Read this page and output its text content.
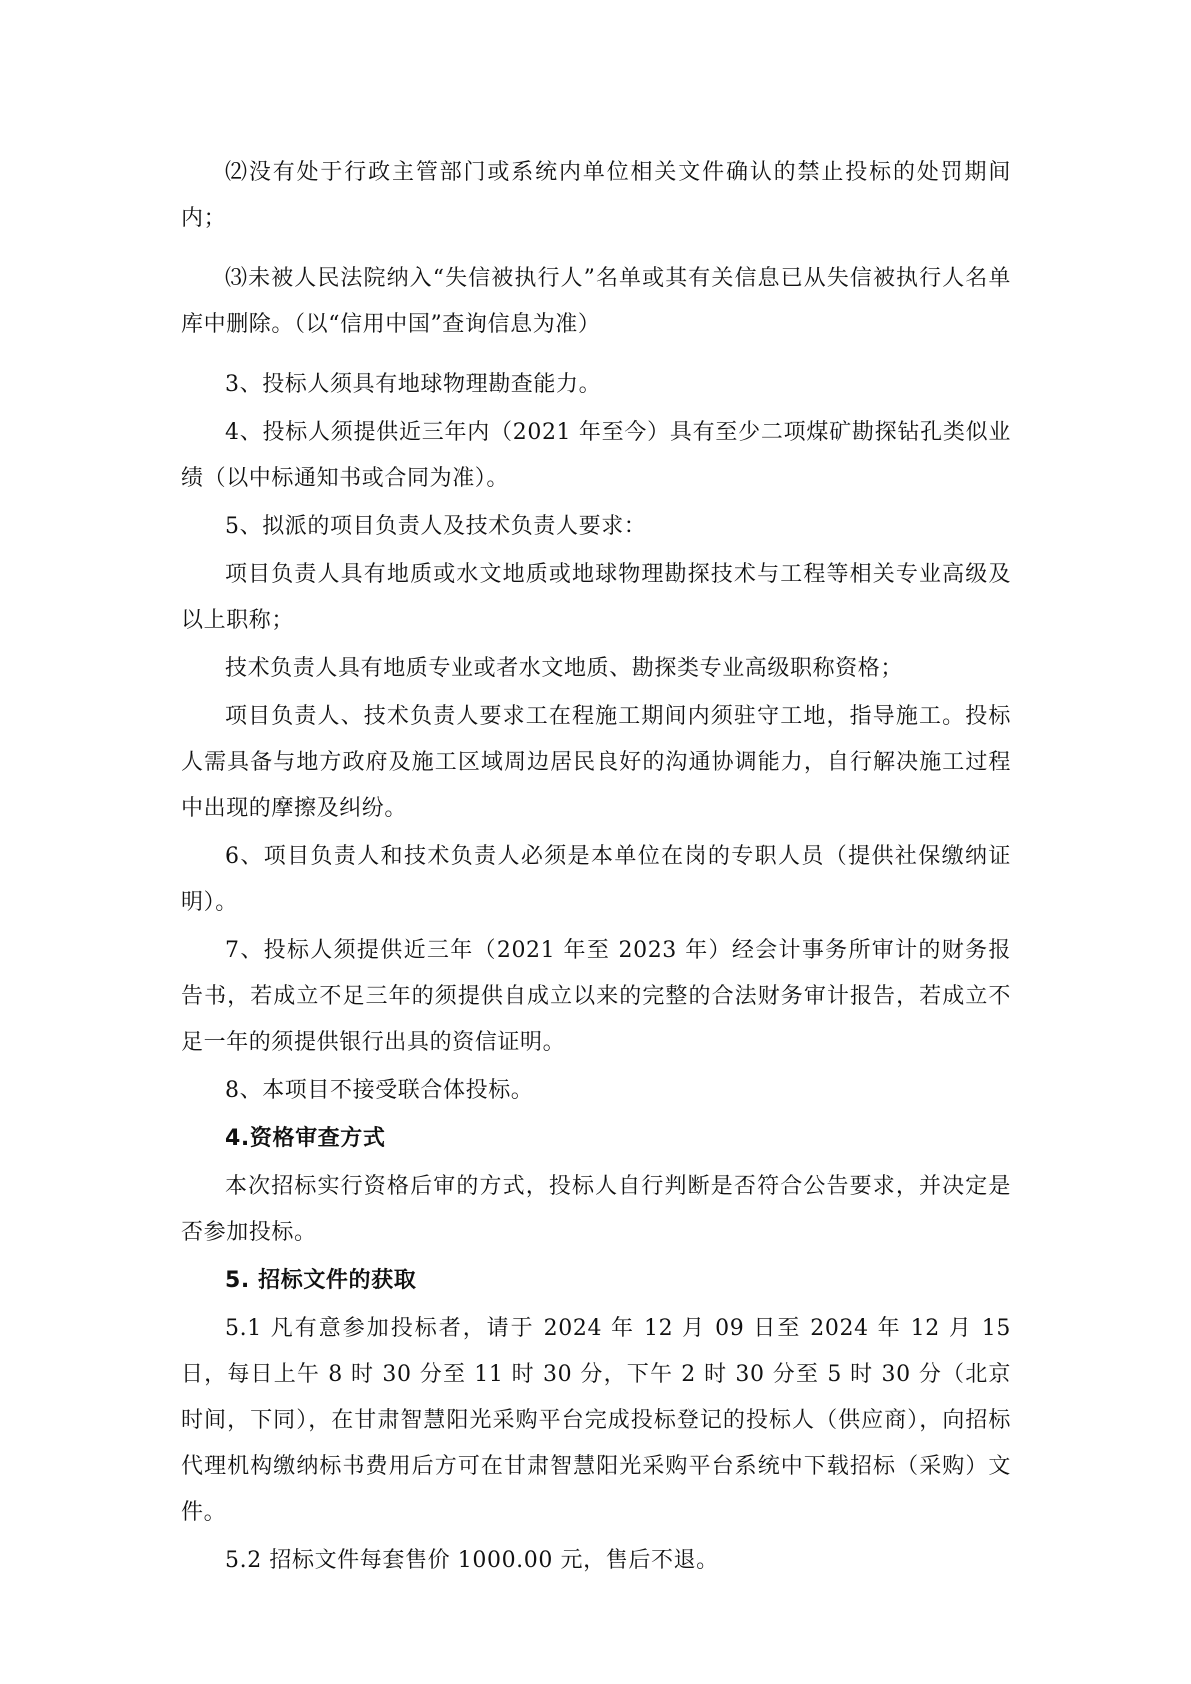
⑵没有处于行政主管部门或系统内单位相关文件确认的禁止投标的处罚期间内；

⑶未被人民法院纳入“失信被执行人”名单或其有关信息已从失信被执行人名单库中删除。（以“信用中国”查询信息为准）

3、投标人须具有地球物理勘查能力。

4、投标人须提供近三年内（2021 年至今）具有至少二项煤矿勘探钻孔类似业绩（以中标通知书或合同为准）。

5、拟派的项目负责人及技术负责人要求：

项目负责人具有地质或水文地质或地球物理勘探技术与工程等相关专业高级及以上职称；

技术负责人具有地质专业或者水文地质、勘探类专业高级职称资格；

项目负责人、技术负责人要求工在程施工期间内须驻守工地，指导施工。投标人需具备与地方政府及施工区域周边居民良好的沟通协调能力，自行解决施工过程中出现的摩擦及纠纷。

6、项目负责人和技术负责人必须是本单位在岗的专职人员（提供社保缴纳证明）。

7、投标人须提供近三年（2021 年至 2023 年）经会计事务所审计的财务报告书，若成立不足三年的须提供自成立以来的完整的合法财务审计报告，若成立不足一年的须提供银行出具的资信证明。

8、本项目不接受联合体投标。

4.资格审查方式

本次招标实行资格后审的方式，投标人自行判断是否符合公告要求，并决定是否参加投标。

5. 招标文件的获取

5.1 凡有意参加投标者，请于 2024 年 12 月 09 日至 2024 年 12 月 15 日，每日上午 8 时 30 分至 11 时 30 分，下午 2 时 30 分至 5 时 30 分（北京时间，下同），在甘肃智慧阳光采购平台完成投标登记的投标人（供应商），向招标代理机构缴纳标书费用后方可在甘肃智慧阳光采购平台系统中下载招标（采购）文件。

5.2 招标文件每套售价 1000.00 元，售后不退。
